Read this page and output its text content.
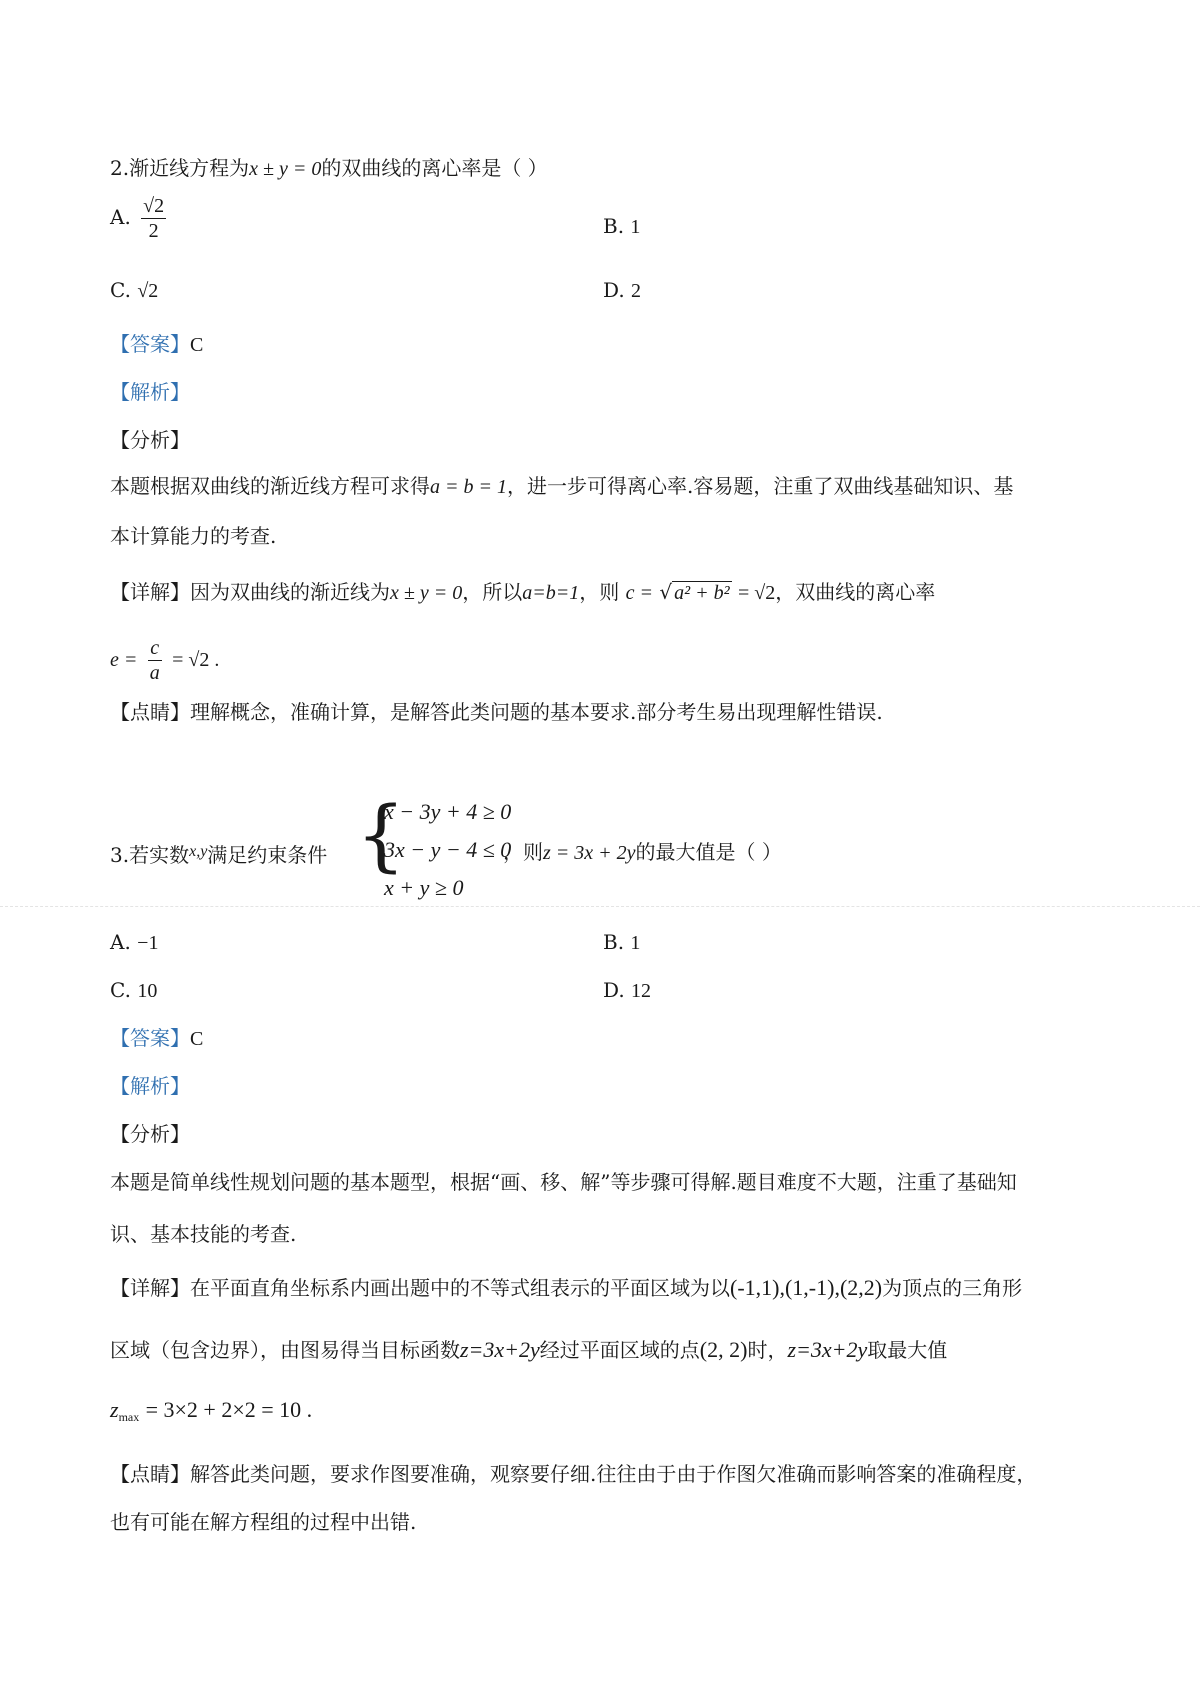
2.渐近线方程为x ± y = 0的双曲线的离心率是（ ）
A. $\frac{√2}{2}$	B. 1
C. √2	D. 2
【答案】C
【解析】
【分析】
本题根据双曲线的渐近线方程可求得a = b = 1，进一步可得离心率.容易题，注重了双曲线基础知识、基
本计算能力的考查.
【详解】因为双曲线的渐近线为x ± y = 0，所以a=b=1，则 c = √ a² + b² = √2，双曲线的离心率
$e = \frac{c}{a} = √2$ .
【点睛】理解概念，准确计算，是解答此类问题的基本要求.部分考生易出现理解性错误.
3.若实数$^{x,y}$满足约束条件 {
x − 3y + 4 ≥ 0
3x − y − 4 ≤ 0
x + y ≥ 0
，则z = 3x + 2y的最大值是（ ）
A. −1	B. 1
C. 10	D. 12
【答案】C
【解析】
【分析】
本题是简单线性规划问题的基本题型，根据“画、移、解”等步骤可得解.题目难度不大题，注重了基础知
识、基本技能的考查.
【详解】在平面直角坐标系内画出题中的不等式组表示的平面区域为以(-1,1),(1,-1),(2,2)为顶点的三角形
区域（包含边界），由图易得当目标函数z=3x+2y经过平面区域的点(2, 2)时，z=3x+2y取最大值
$z_{max} = 3\times 2 + 2\times 2 = 10$ .
【点睛】解答此类问题，要求作图要准确，观察要仔细.往往由于由于作图欠准确而影响答案的准确程度，
也有可能在解方程组的过程中出错.
